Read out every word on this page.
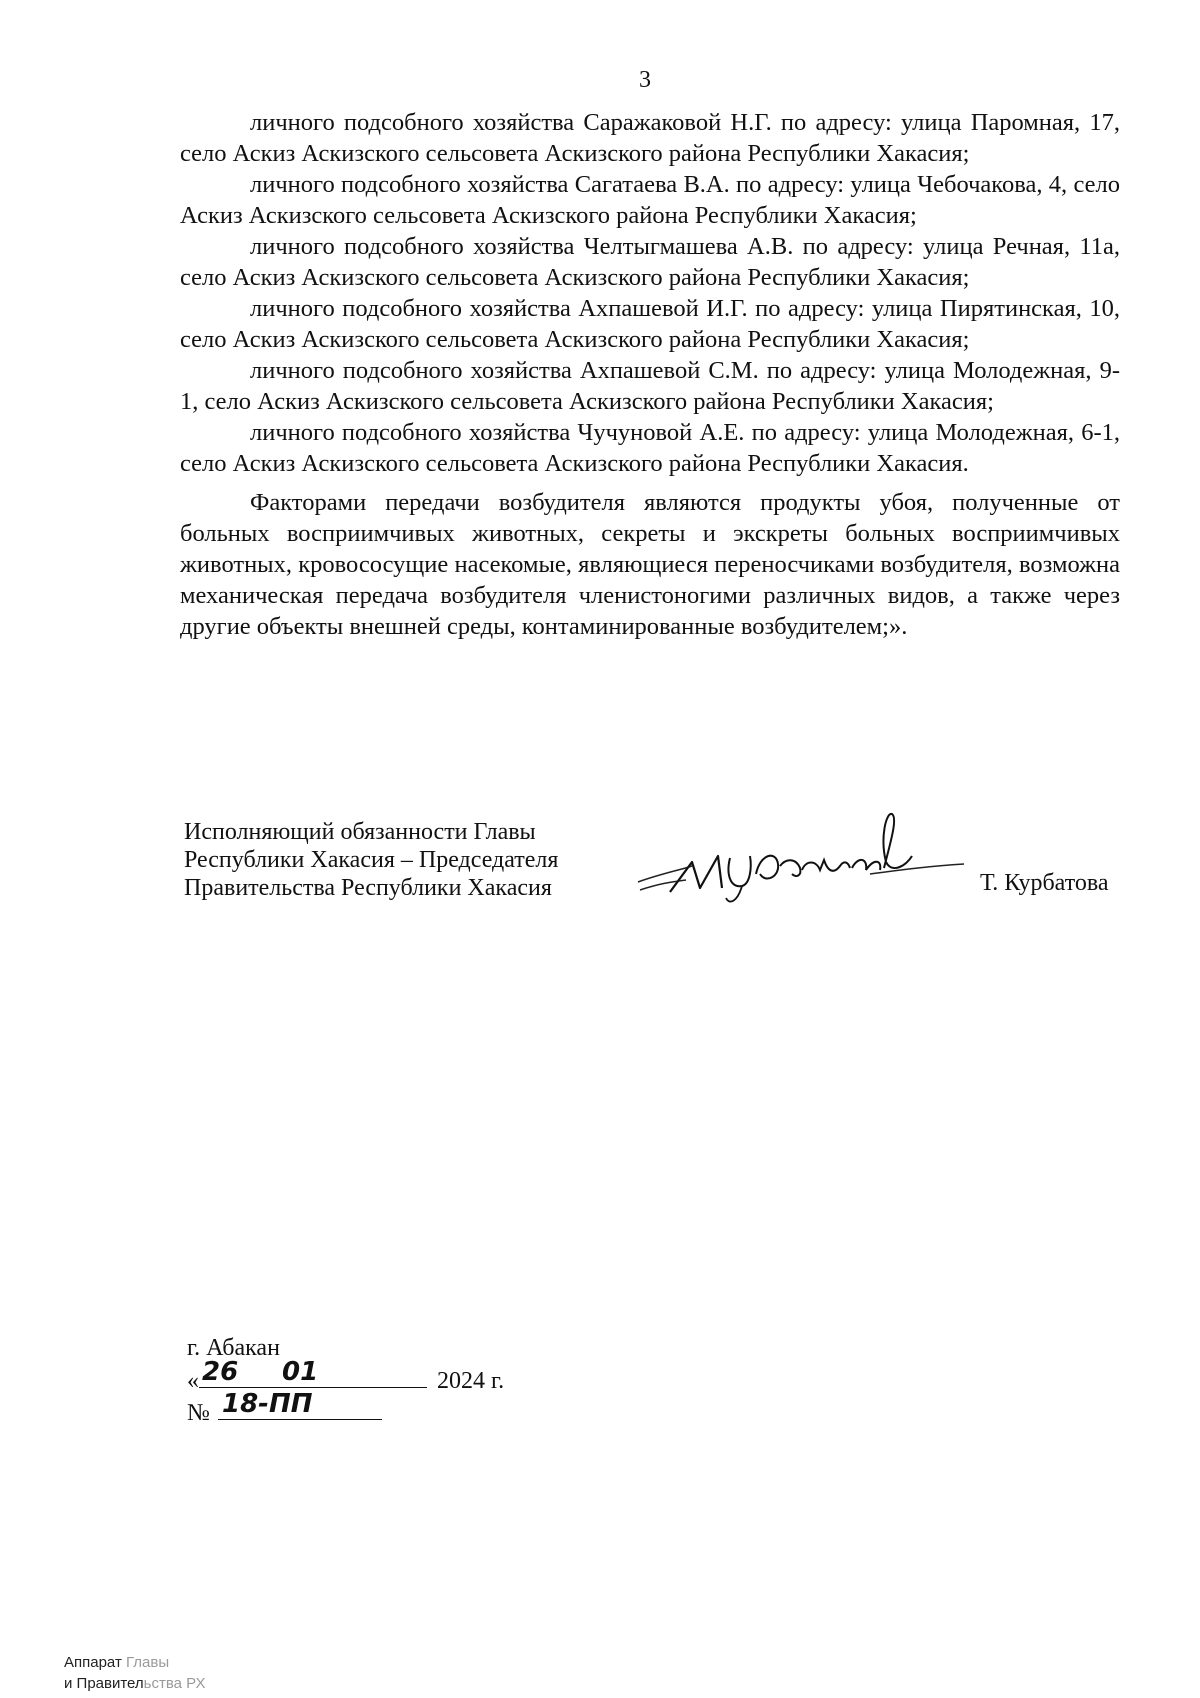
3

личного подсобного хозяйства Саражаковой Н.Г. по адресу: улица Паромная, 17, село Аскиз Аскизского сельсовета Аскизского района Республики Хакасия;

личного подсобного хозяйства Сагатаева В.А. по адресу: улица Чебочакова, 4, село Аскиз Аскизского сельсовета Аскизского района Республики Хакасия;

личного подсобного хозяйства Челтыгмашева А.В. по адресу: улица Речная, 11а, село Аскиз Аскизского сельсовета Аскизского района Республики Хакасия;

личного подсобного хозяйства Ахпашевой И.Г. по адресу: улица Пирятинская, 10, село Аскиз Аскизского сельсовета Аскизского района Республики Хакасия;

личного подсобного хозяйства Ахпашевой С.М. по адресу: улица Молодежная, 9-1, село Аскиз Аскизского сельсовета Аскизского района Республики Хакасия;

личного подсобного хозяйства Чучуновой А.Е. по адресу: улица Молодежная, 6-1, село Аскиз Аскизского сельсовета Аскизского района Республики Хакасия.

Факторами передачи возбудителя являются продукты убоя, полученные от больных восприимчивых животных, секреты и экскреты больных восприимчивых животных, кровососущие насекомые, являющиеся переносчиками возбудителя, возможна механическая передача возбудителя членистоногими различных видов, а также через другие объекты внешней среды, контаминированные возбудителем;».

Исполняющий обязанности Главы
Республики Хакасия – Председателя
Правительства Республики Хакасия	Т. Курбатова
г. Абакан
«	2024 г.
26 01
№ 18-ПП
Аппарат Главы
и Правительства РХ
